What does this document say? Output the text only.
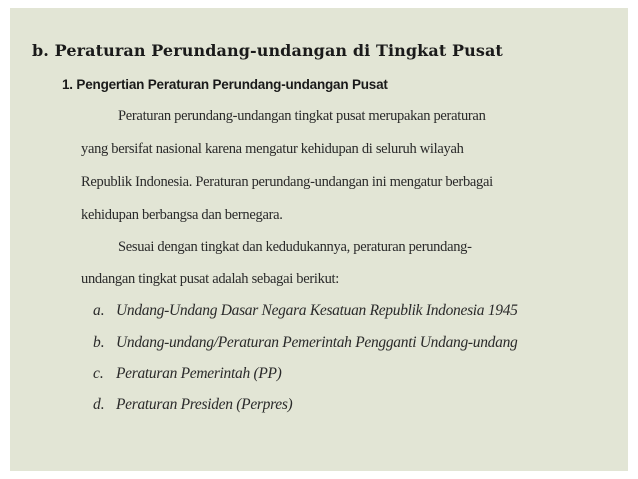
b. Peraturan Perundang-undangan di Tingkat Pusat
1. Pengertian Peraturan Perundang-undangan Pusat
Peraturan perundang-undangan tingkat pusat merupakan peraturan
yang bersifat nasional karena mengatur kehidupan di seluruh wilayah
Republik Indonesia. Peraturan perundang-undangan ini mengatur berbagai
kehidupan berbangsa dan bernegara.
Sesuai dengan tingkat dan kedudukannya, peraturan perundang-
undangan tingkat pusat adalah sebagai berikut:
a. Undang-Undang Dasar Negara Kesatuan Republik Indonesia 1945
b. Undang-undang/Peraturan Pemerintah Pengganti Undang-undang
c. Peraturan Pemerintah (PP)
d. Peraturan Presiden (Perpres)
